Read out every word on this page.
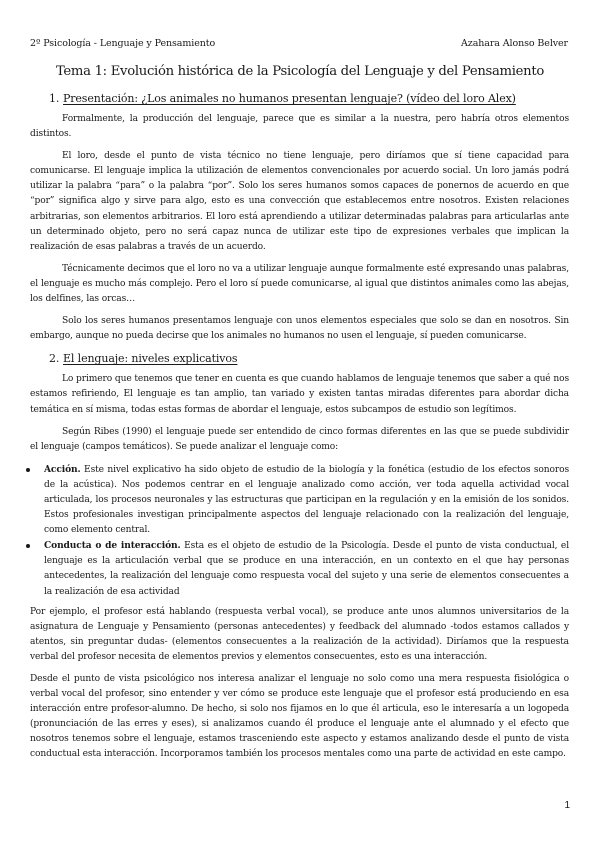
2º Psicología - Lenguaje y Pensamiento	Azahara Alonso Belver
Tema 1: Evolución histórica de la Psicología del Lenguaje y del Pensamiento
1. Presentación: ¿Los animales no humanos presentan lenguaje? (vídeo del loro Alex)

Formalmente, la producción del lenguaje, parece que es similar a la nuestra, pero habría otros elementos distintos.

El loro, desde el punto de vista técnico no tiene lenguaje, pero diríamos que sí tiene capacidad para comunicarse. El lenguaje implica la utilización de elementos convencionales por acuerdo social. Un loro jamás podrá utilizar la palabra “para” o la palabra “por”. Solo los seres humanos somos capaces de ponernos de acuerdo en que “por” significa algo y sirve para algo, esto es una convección que establecemos entre nosotros. Existen relaciones arbitrarias, son elementos arbitrarios. El loro está aprendiendo a utilizar determinadas palabras para articularlas ante un determinado objeto, pero no será capaz nunca de utilizar este tipo de expresiones verbales que implican la realización de esas palabras a través de un acuerdo.

Técnicamente decimos que el loro no va a utilizar lenguaje aunque formalmente esté expresando unas palabras, el lenguaje es mucho más complejo. Pero el loro sí puede comunicarse, al igual que distintos animales como las abejas, los delfines, las orcas…

Solo los seres humanos presentamos lenguaje con unos elementos especiales que solo se dan en nosotros. Sin embargo, aunque no pueda decirse que los animales no humanos no usen el lenguaje, sí pueden comunicarse.

2. El lenguaje: niveles explicativos

Lo primero que tenemos que tener en cuenta es que cuando hablamos de lenguaje tenemos que saber a qué nos estamos refiriendo, El lenguaje es tan amplio, tan variado y existen tantas miradas diferentes para abordar dicha temática en sí misma, todas estas formas de abordar el lenguaje, estos subcampos de estudio son legítimos.

Según Ribes (1990) el lenguaje puede ser entendido de cinco formas diferentes en las que se puede subdividir el lenguaje (campos temáticos). Se puede analizar el lenguaje como:

Acción. Este nivel explicativo ha sido objeto de estudio de la biología y la fonética (estudio de los efectos sonoros de la acústica). Nos podemos centrar en el lenguaje analizado como acción, ver toda aquella actividad vocal articulada, los procesos neuronales y las estructuras que participan en la regulación y en la emisión de los sonidos. Estos profesionales investigan principalmente aspectos del lenguaje relacionado con la realización del lenguaje, como elemento central.
Conducta o de interacción. Esta es el objeto de estudio de la Psicología. Desde el punto de vista conductual, el lenguaje es la articulación verbal que se produce en una interacción, en un contexto en el que hay personas antecedentes, la realización del lenguaje como respuesta vocal del sujeto y una serie de elementos consecuentes a la realización de esa actividad

Por ejemplo, el profesor está hablando (respuesta verbal vocal), se produce ante unos alumnos universitarios de la asignatura de Lenguaje y Pensamiento (personas antecedentes) y feedback del alumnado -todos estamos callados y atentos, sin preguntar dudas- (elementos consecuentes a la realización de la actividad). Diríamos que la respuesta verbal del profesor necesita de elementos previos y elementos consecuentes, esto es una interacción.

Desde el punto de vista psicológico nos interesa analizar el lenguaje no solo como una mera respuesta fisiológica o verbal vocal del profesor, sino entender y ver cómo se produce este lenguaje que el profesor está produciendo en esa interacción entre profesor-alumno. De hecho, si solo nos fijamos en lo que él articula, eso le interesaría a un logopeda (pronunciación de las erres y eses), si analizamos cuando él produce el lenguaje ante el alumnado y el efecto que nosotros tenemos sobre el lenguaje, estamos trasceniendo este aspecto y estamos analizando desde el punto de vista conductual esta interacción. Incorporamos también los procesos mentales como una parte de actividad en este campo.

1
